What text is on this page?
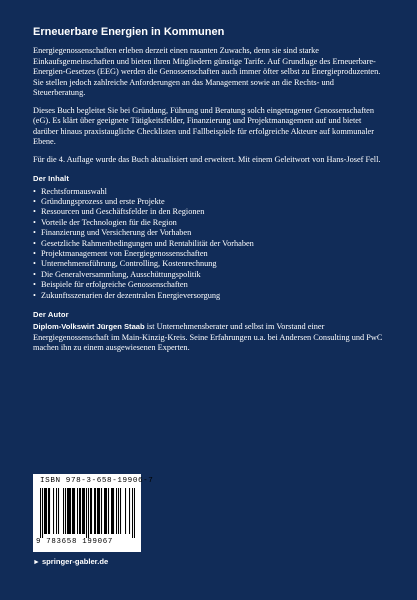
Erneuerbare Energien in Kommunen

Energiegenossenschaften erleben derzeit einen rasanten Zuwachs, denn sie sind starke Einkaufsgemeinschaften und bieten ihren Mitgliedern günstige Tarife. Auf Grundlage des Erneuerbare-Energien-Gesetzes (EEG) werden die Genossenschaften auch immer öfter selbst zu Energieproduzenten. Sie stellen jedoch zahlreiche Anforderungen an das Management sowie an die Rechts- und Steuerberatung.

Dieses Buch begleitet Sie bei Gründung, Führung und Beratung solch eingetragener Genossenschaften (eG). Es klärt über geeignete Tätigkeitsfelder, Finanzierung und Projektmanagement auf und bietet darüber hinaus praxistaugliche Checklisten und Fallbeispiele für erfolgreiche Akteure auf kommunaler Ebene.

Für die 4. Auflage wurde das Buch aktualisiert und erweitert. Mit einem Geleitwort von Hans-Josef Fell.

Der Inhalt
• Rechtsformauswahl
• Gründungsprozess und erste Projekte
• Ressourcen und Geschäftsfelder in den Regionen
• Vorteile der Technologien für die Region
• Finanzierung und Versicherung der Vorhaben
• Gesetzliche Rahmenbedingungen und Rentabilität der Vorhaben
• Projektmanagement von Energiegenossenschaften
• Unternehmensführung, Controlling, Kostenrechnung
• Die Generalversammlung, Ausschüttungspolitik
• Beispiele für erfolgreiche Genossenschaften
• Zukunftsszenarien der dezentralen Energieversorgung
Der Autor

Diplom-Volkswirt Jürgen Staab ist Unternehmensberater und selbst im Vorstand einer Energiegenossenschaft im Main-Kinzig-Kreis. Seine Erfahrungen u.a. bei Andersen Consulting und PwC machen ihn zu einem ausgewiesenen Experten.

ISBN 978-3-658-19906-7
9 783658 199067
► springer-gabler.de
